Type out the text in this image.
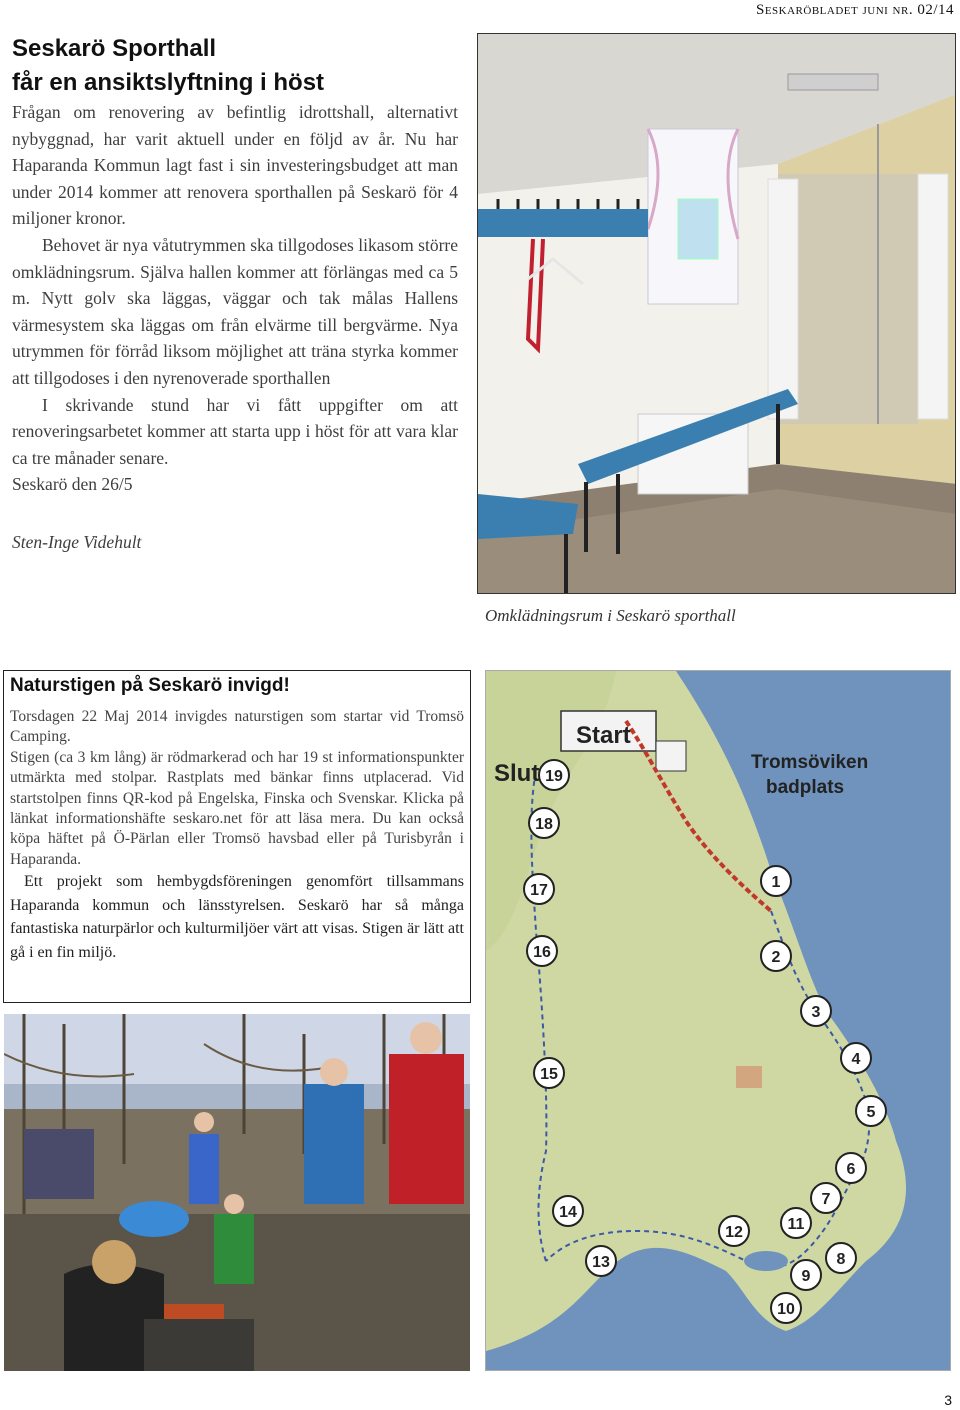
Seskaröbladet juni nr. 02/14
Seskarö Sporthall
får en ansiktslyftning i höst

Frågan om renovering av befintlig idrottshall, alternativt nybyggnad, har varit aktuell under en följd av år. Nu har Haparanda Kommun lagt fast i sin investeringsbudget att man under 2014 kommer att renovera sporthallen på Seskarö för 4 miljoner kronor.

Behovet är nya våtutrymmen ska tillgodoses likasom större omklädningsrum. Själva hallen kommer att förlängas med ca 5 m. Nytt golv ska läggas, väggar och tak målas Hallens värmesystem ska läggas om från elvärme till bergvärme. Nya utrymmen för förråd liksom möjlighet att träna styrka kommer att tillgodoses i den nyrenoverade sporthallen

I skrivande stund har vi fått uppgifter om att renoveringsarbetet kommer att starta upp i höst för att vara klar ca tre månader senare.

Seskarö den 26/5

Sten-Inge Videhult
Omklädningsrum i Seskarö sporthall
Naturstigen på Seskarö invigd!

Torsdagen 22 Maj 2014 invigdes naturstigen som startar vid Tromsö Camping.

Stigen (ca 3 km lång) är rödmarkerad och har 19 st informationspunkter utmärkta med stolpar. Rastplats med bänkar finns utplacerad. Vid startstolpen finns QR-kod på Engelska, Finska och Svenskar. Klicka på länkat informationshäfte seskaro.net för att läsa mera. Du kan också köpa häftet på Ö-Pärlan eller Tromsö havsbad eller på Turisbyrån i Haparanda.

Ett projekt som hembygdsföreningen genomfört tillsammans Haparanda kommun och länsstyrelsen. Seskarö har så många fantastiska naturpärlor och kulturmiljöer värt att visas. Stigen är lätt att gå i en fin miljö.

Start
Slut	Tromsöviken
badplats
1
2
3
4
5
6
7
8
9
10
11
12
13
14
15
16
17
18
19
3
